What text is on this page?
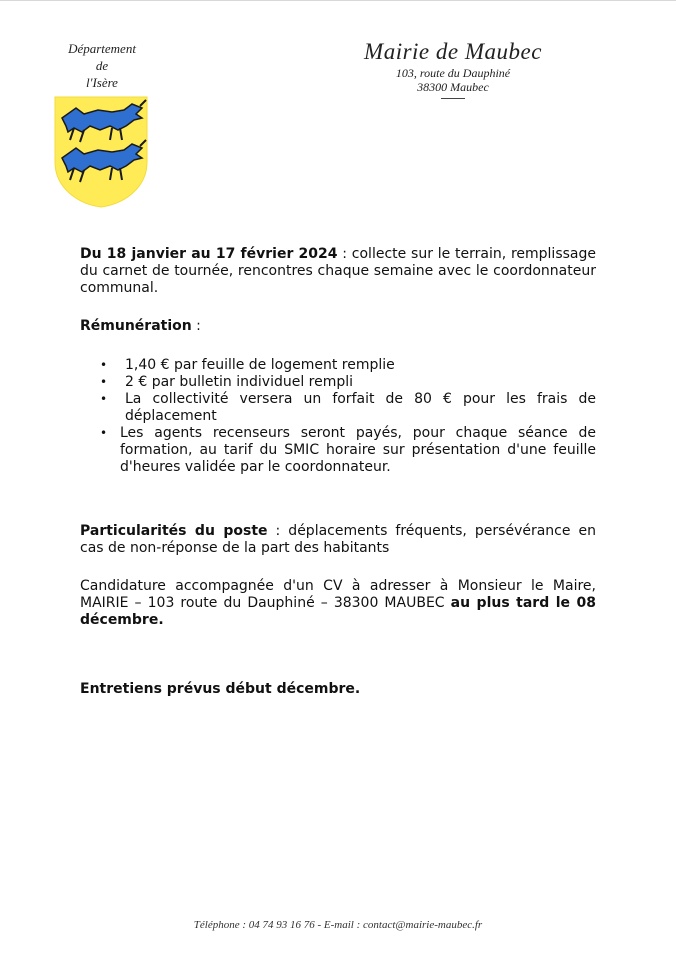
Département
de
l'Isère
Mairie de Maubec
103, route du Dauphiné
38300 Maubec

Du 18 janvier au 17 février 2024 : collecte sur le terrain, remplissage du carnet de tournée, rencontres chaque semaine avec le coordonnateur communal.

Rémunération :

• 1,40 € par feuille de logement remplie
• 2 € par bulletin individuel rempli
• La collectivité versera un forfait de 80 € pour les frais de déplacement
• Les agents recenseurs seront payés, pour chaque séance de formation, au tarif du SMIC horaire sur présentation d'une feuille d'heures validée par le coordonnateur.

Particularités du poste : déplacements fréquents, persévérance en cas de non-réponse de la part des habitants

Candidature accompagnée d'un CV à adresser à Monsieur le Maire, MAIRIE – 103 route du Dauphiné – 38300 MAUBEC au plus tard le 08 décembre.

Entretiens prévus début décembre.

Téléphone : 04 74 93 16 76 - E-mail : contact@mairie-maubec.fr
